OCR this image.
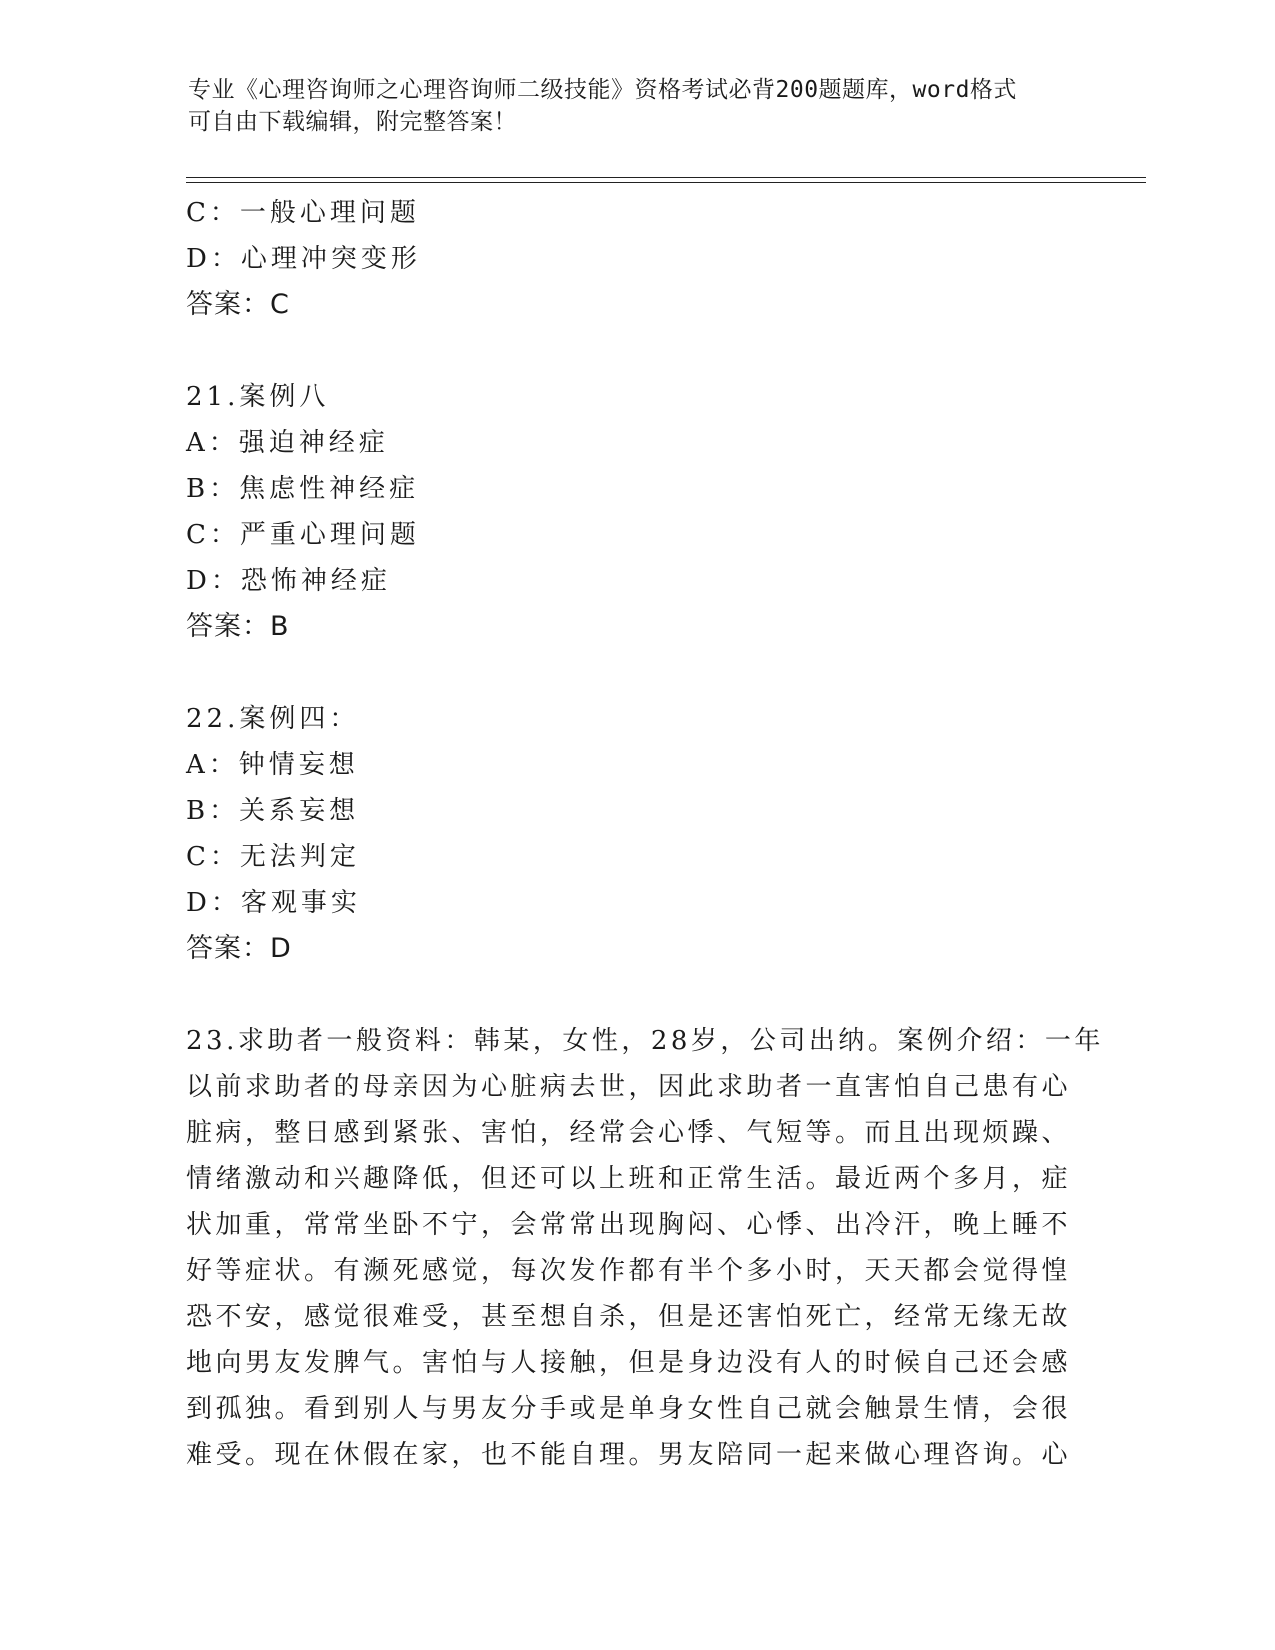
专业《心理咨询师之心理咨询师二级技能》资格考试必背200题题库，word格式
可自由下载编辑，附完整答案！
C：一般心理问题
D：心理冲突变形
答案：C
21.案例八
A：强迫神经症
B：焦虑性神经症
C：严重心理问题
D：恐怖神经症
答案：B
22.案例四：
A：钟情妄想
B：关系妄想
C：无法判定
D：客观事实
答案：D
23.求助者一般资料：韩某，女性，28岁，公司出纳。案例介绍：一年
以前求助者的母亲因为心脏病去世，因此求助者一直害怕自己患有心
脏病，整日感到紧张、害怕，经常会心悸、气短等。而且出现烦躁、
情绪激动和兴趣降低，但还可以上班和正常生活。最近两个多月，症
状加重，常常坐卧不宁，会常常出现胸闷、心悸、出冷汗，晚上睡不
好等症状。有濒死感觉，每次发作都有半个多小时，天天都会觉得惶
恐不安，感觉很难受，甚至想自杀，但是还害怕死亡，经常无缘无故
地向男友发脾气。害怕与人接触，但是身边没有人的时候自己还会感
到孤独。看到别人与男友分手或是单身女性自己就会触景生情，会很
难受。现在休假在家，也不能自理。男友陪同一起来做心理咨询。心
